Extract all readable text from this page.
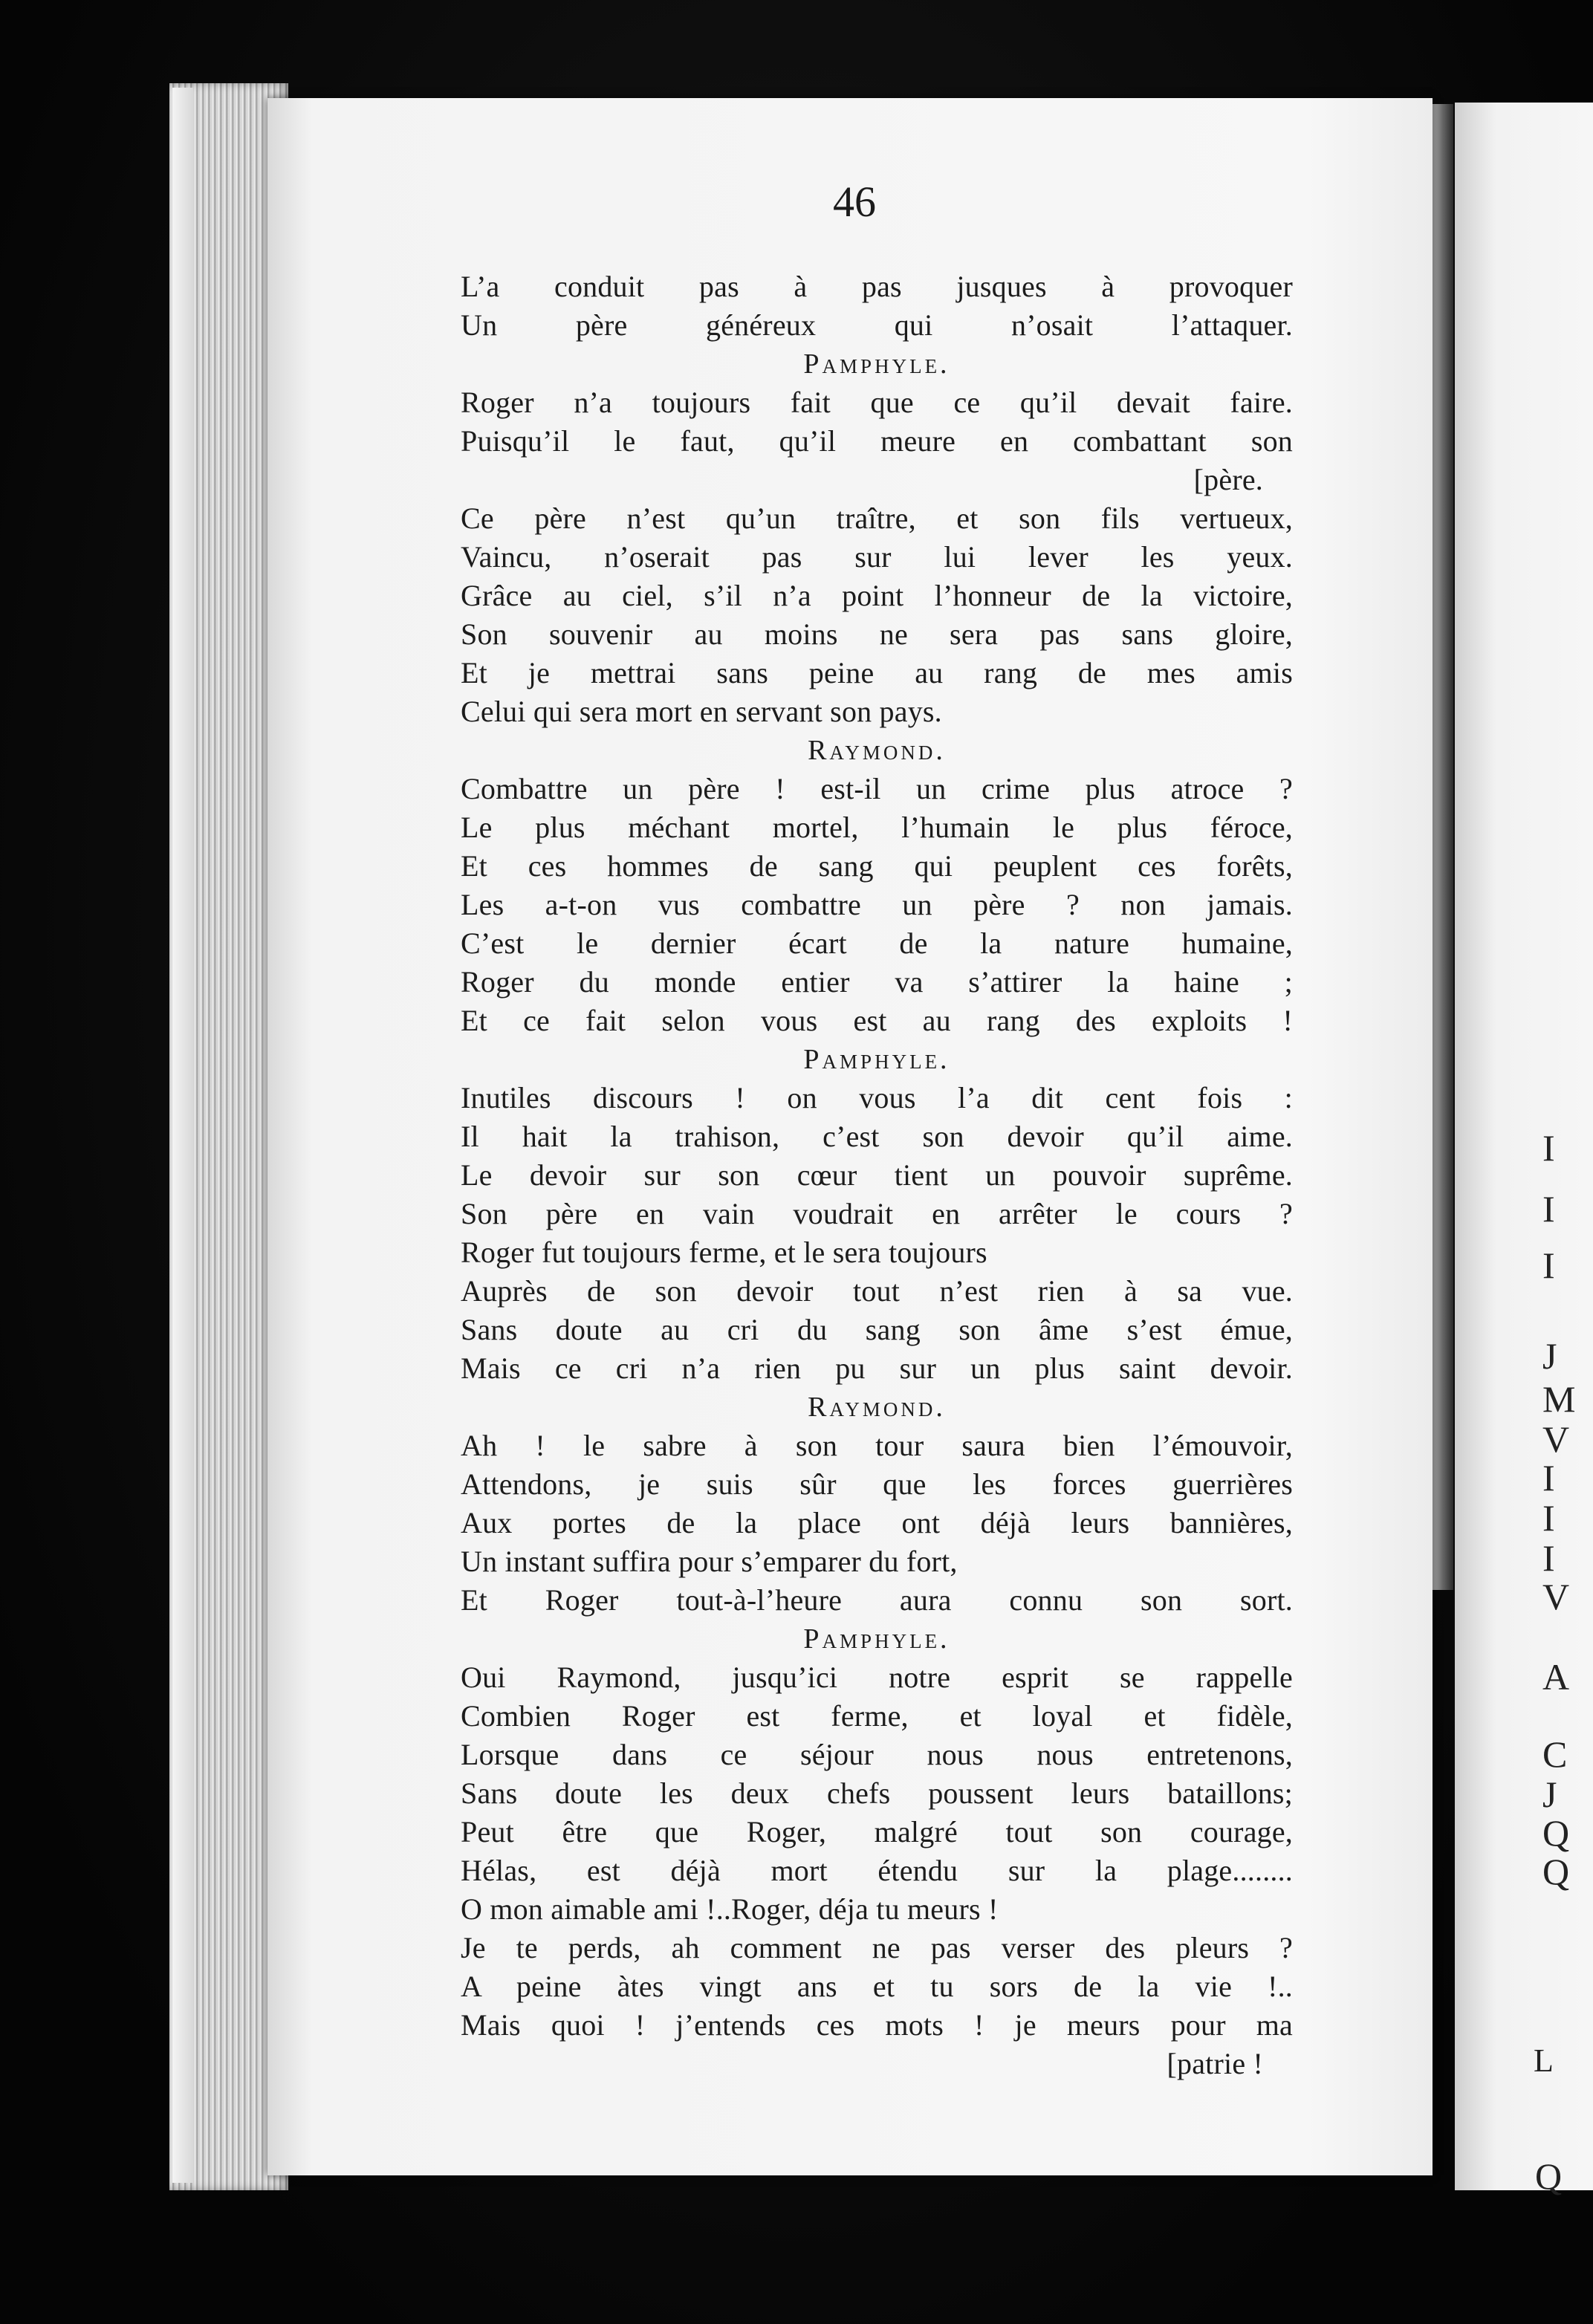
I
I
I
J
M
V
I
I
I
V
A
C
J
Q
Q
L
Q
46
L’a conduit pas à pas jusques à provoquer
Un père généreux qui n’osait l’attaquer.
Pamphyle.
Roger n’a toujours fait que ce qu’il devait faire.
Puisqu’il le faut, qu’il meure en combattant son
[père.
Ce père n’est qu’un traître, et son fils vertueux,
Vaincu, n’oserait pas sur lui lever les yeux.
Grâce au ciel, s’il n’a point l’honneur de la victoire,
Son souvenir au moins ne sera pas sans gloire,
Et je mettrai sans peine au rang de mes amis
Celui qui sera mort en servant son pays.
Raymond.
Combattre un père ! est-il un crime plus atroce ?
Le plus méchant mortel, l’humain le plus féroce,
Et ces hommes de sang qui peuplent ces forêts,
Les a-t-on vus combattre un père ? non jamais.
C’est le dernier écart de la nature humaine,
Roger du monde entier va s’attirer la haine ;
Et ce fait selon vous est au rang des exploits !
Pamphyle.
Inutiles discours ! on vous l’a dit cent fois :
Il hait la trahison, c’est son devoir qu’il aime.
Le devoir sur son cœur tient un pouvoir suprême.
Son père en vain voudrait en arrêter le cours ?
Roger fut toujours ferme, et le sera toujours
Auprès de son devoir tout n’est rien à sa vue.
Sans doute au cri du sang son âme s’est émue,
Mais ce cri n’a rien pu sur un plus saint devoir.
Raymond.
Ah ! le sabre à son tour saura bien l’émouvoir,
Attendons, je suis sûr que les forces guerrières
Aux portes de la place ont déjà leurs bannières,
Un instant suffira pour s’emparer du fort,
Et Roger tout-à-l’heure aura connu son sort.
Pamphyle.
Oui Raymond, jusqu’ici notre esprit se rappelle
Combien Roger est ferme, et loyal et fidèle,
Lorsque dans ce séjour nous nous entretenons,
Sans doute les deux chefs poussent leurs bataillons;
Peut être que Roger, malgré tout son courage,
Hélas, est déjà mort étendu sur la plage........
O mon aimable ami !..Roger, déja tu meurs !
Je te perds, ah comment ne pas verser des pleurs ?
A peine àtes vingt ans et tu sors de la vie !..
Mais quoi ! j’entends ces mots ! je meurs pour ma
[patrie !
